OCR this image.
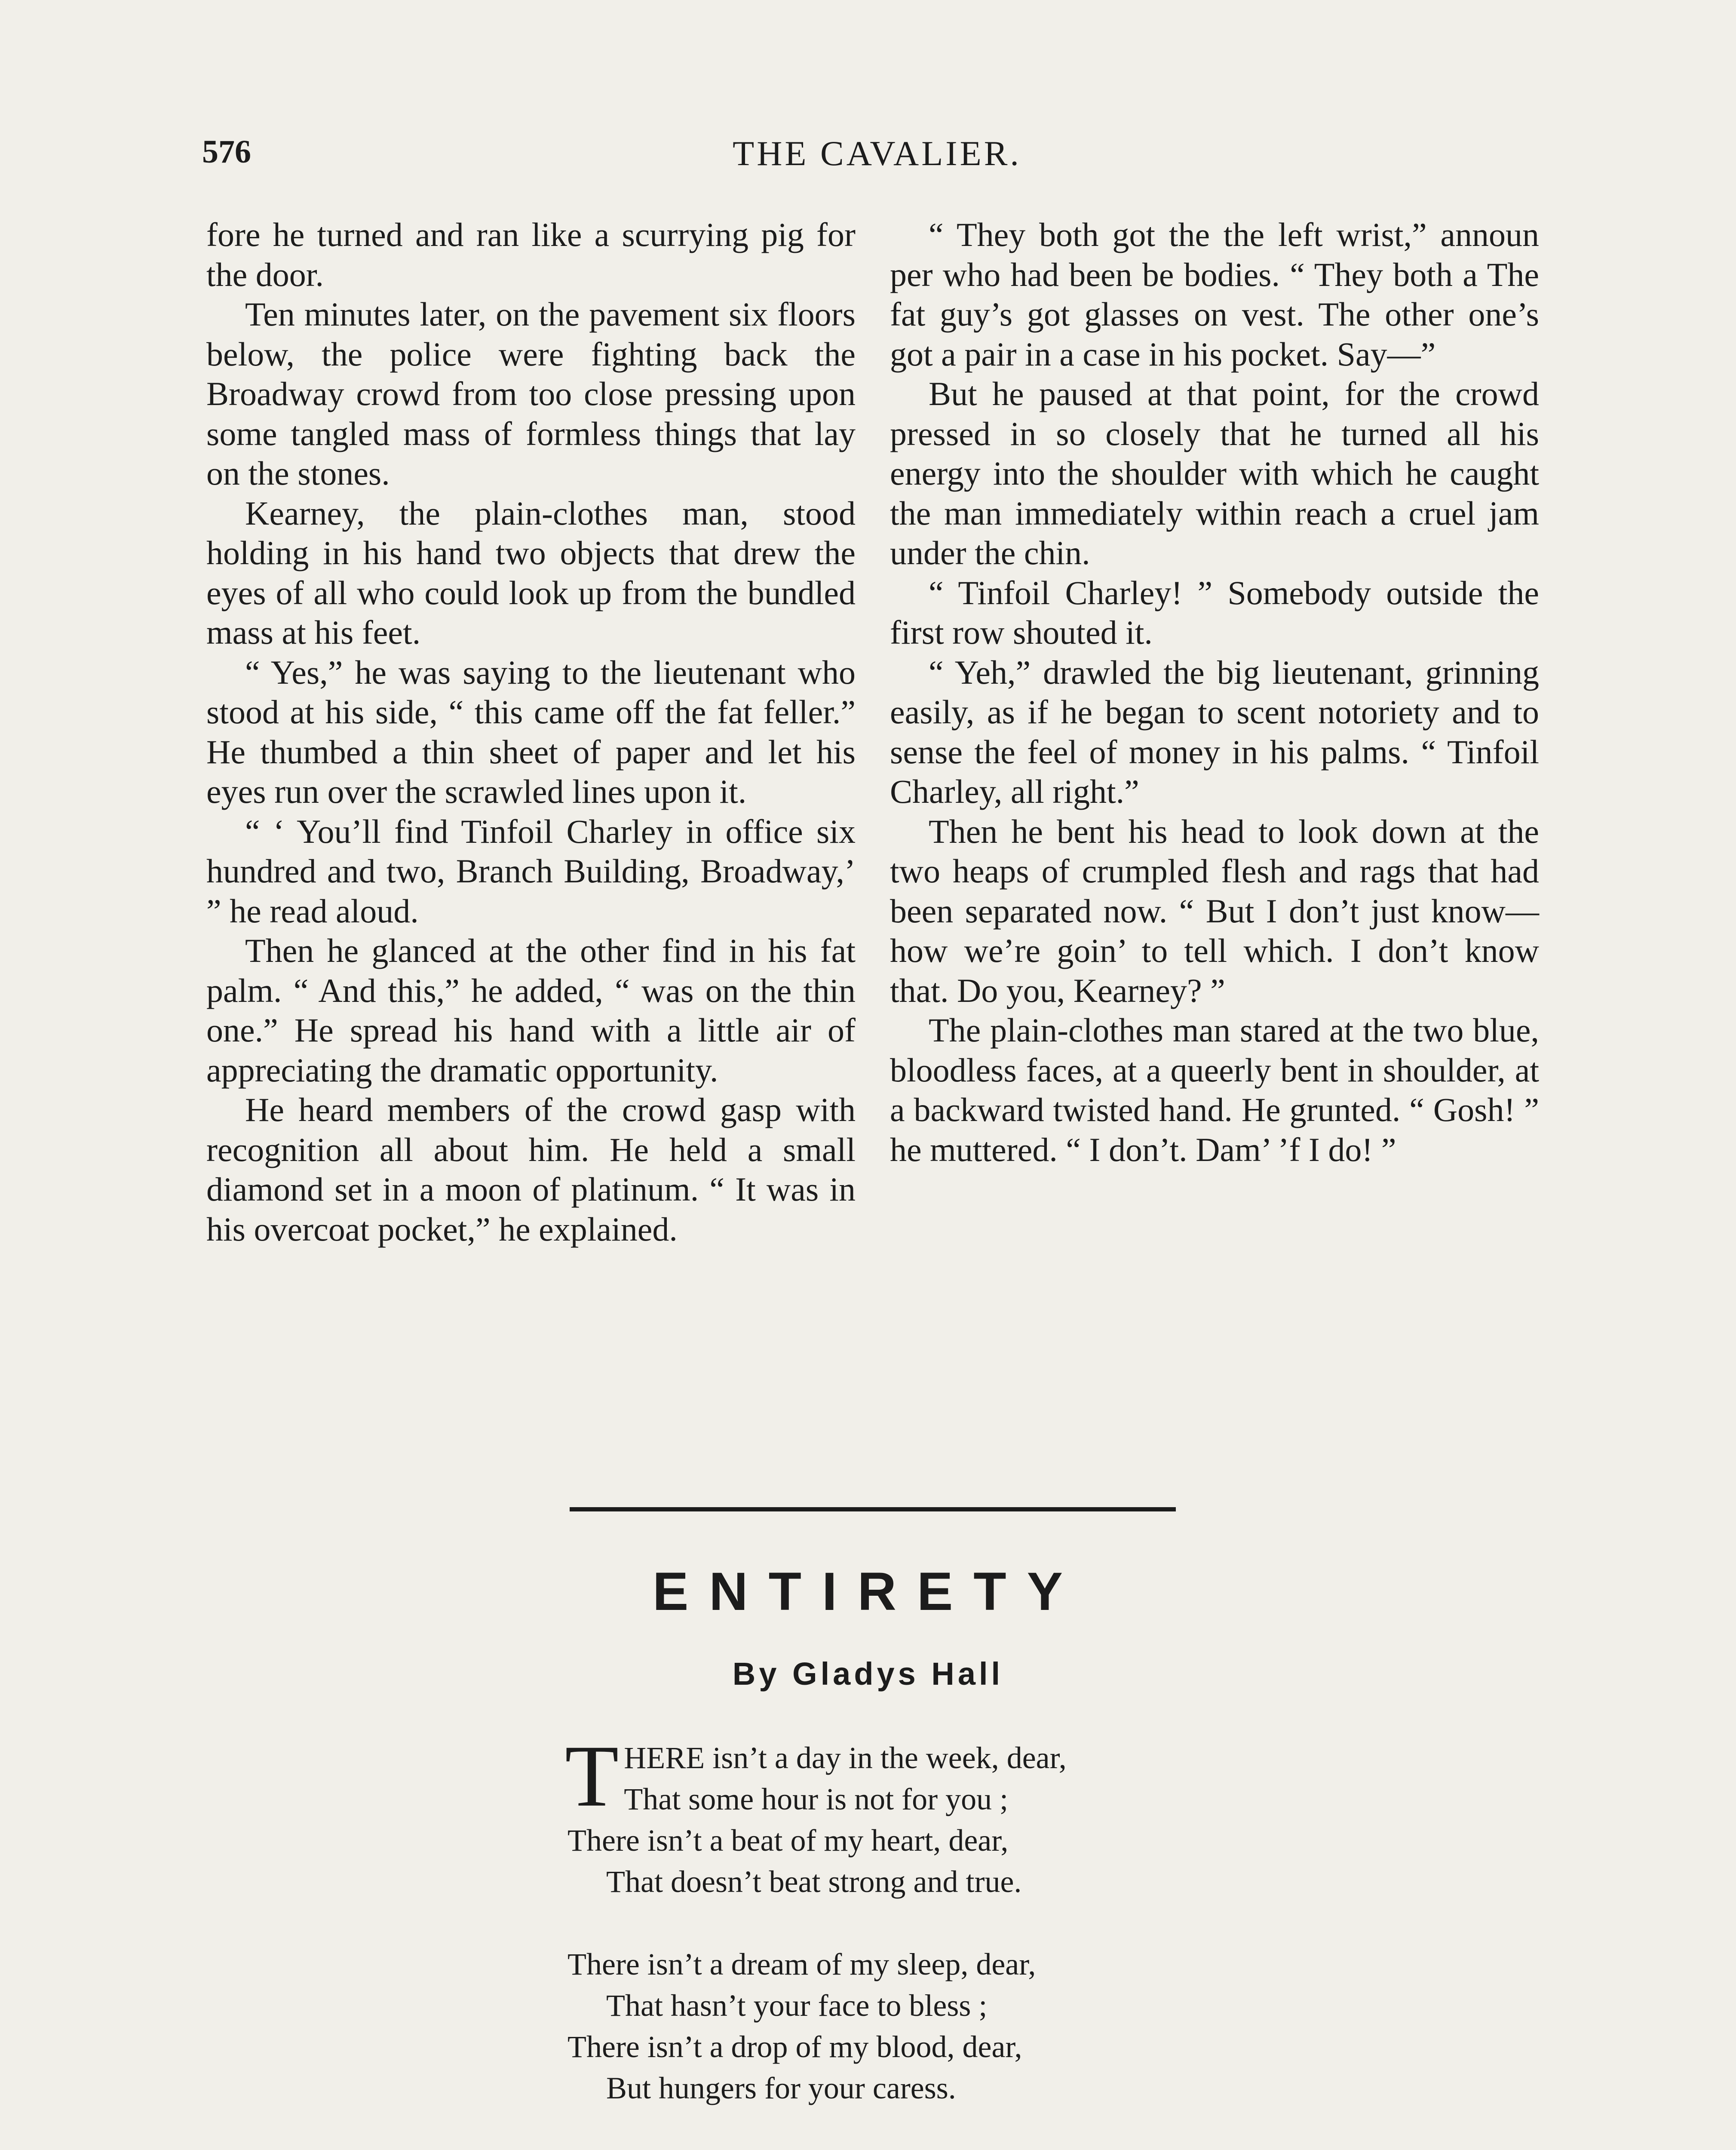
THE CAVALIER.
576

fore he turned and ran like a scurrying pig for the door.

Ten minutes later, on the pavement six floors below, the police were fighting back the Broadway crowd from too close pressing upon some tangled mass of formless things that lay on the stones.

Kearney, the plain-clothes man, stood holding in his hand two objects that drew the eyes of all who could look up from the bundled mass at his feet.

“ Yes,” he was saying to the lieutenant who stood at his side, “ this came off the fat feller.” He thumbed a thin sheet of paper and let his eyes run over the scrawled lines upon it.

“ ‘ You’ll find Tinfoil Charley in office six hundred and two, Branch Building, Broadway,’ ” he read aloud.

Then he glanced at the other find in his fat palm. “ And this,” he added, “ was on the thin one.” He spread his hand with a little air of appreciating the dramatic opportunity.

He heard members of the crowd gasp with recognition all about him. He held a small diamond set in a moon of platinum. “ It was in his overcoat pocket,” he explained.

“ They both got the the left wrist,” announ per who had been be bodies. “ They both a The fat guy’s got glasses on vest. The other one’s got a pair in a case in his pocket. Say—”

But he paused at that point, for the crowd pressed in so closely that he turned all his energy into the shoulder with which he caught the man immediately within reach a cruel jam under the chin.

“ Tinfoil Charley! ” Somebody outside the first row shouted it.

“ Yeh,” drawled the big lieutenant, grinning easily, as if he began to scent notoriety and to sense the feel of money in his palms. “ Tinfoil Charley, all right.”

Then he bent his head to look down at the two heaps of crumpled flesh and rags that had been separated now. “ But I don’t just know—how we’re goin’ to tell which. I don’t know that. Do you, Kearney? ”

The plain-clothes man stared at the two blue, bloodless faces, at a queerly bent in shoulder, at a backward twisted hand. He grunted. “ Gosh! ” he muttered. “ I don’t. Dam’ ’f I do! ”

ENTIRETY
By Gladys Hall
T HERE isn’t a day in the week, dear,
That some hour is not for you ;
There isn’t a beat of my heart, dear,
That doesn’t beat strong and true.
There isn’t a dream of my sleep, dear,
That hasn’t your face to bless ;
There isn’t a drop of my blood, dear,
But hungers for your caress.
